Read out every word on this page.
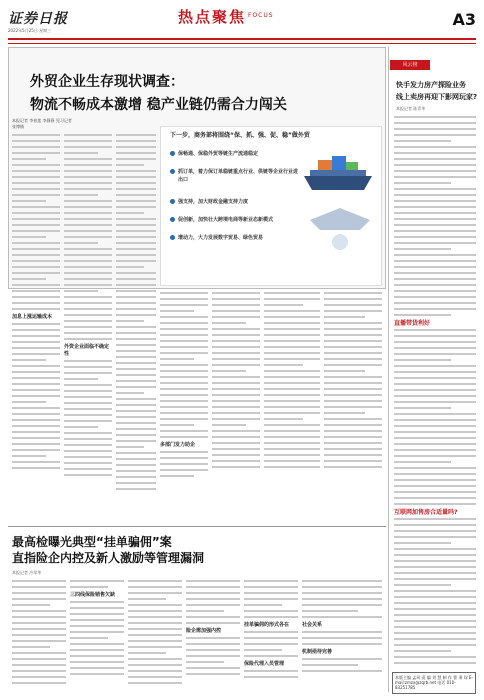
证券日报
2022年5月25日 星期三
热点聚焦 FOCUS	A3
外贸企业生存现状调查：
物流不畅成本激增 稳产业链仍需合力闯关
本报记者 李春莲 李静静 见习记者 张博楠
加息上涨运输成本
外资企业面临不确定性
下一步，商务部将围绕“保、抓、强、促、稳”做外贸
保畅通、保稳外贸等链生产流通稳定
抓订单，着力保订单稳链重点行业、供链等企业行业进出口
强支持，加大财政金融支持力度
促创新，加快壮大跨境电商等新业态新模式
增动力，大力发展数字贸易、绿色贸易
多部门发力助企
风云榜
快手发力房产探险业务
线上卖房再迎下影网玩家?
本报记者 陈青华
直播带货利好
互联网加售房合适量吗?
最高检曝光典型“挂单骗佣”案
直指险企内控及新人激励等管理漏洞
本报记者 冷翠华
三四线保险销售欠缺
险企需加强内控
挂单骗佣的形式各在
保险代理入员管理
社会关系
机制亟待完善
本版主编 孟珂 责 编 刘 慧 制 作 曹 秉 琛 E-mail:zmzx@zqrb.net 电话 010-83251785
